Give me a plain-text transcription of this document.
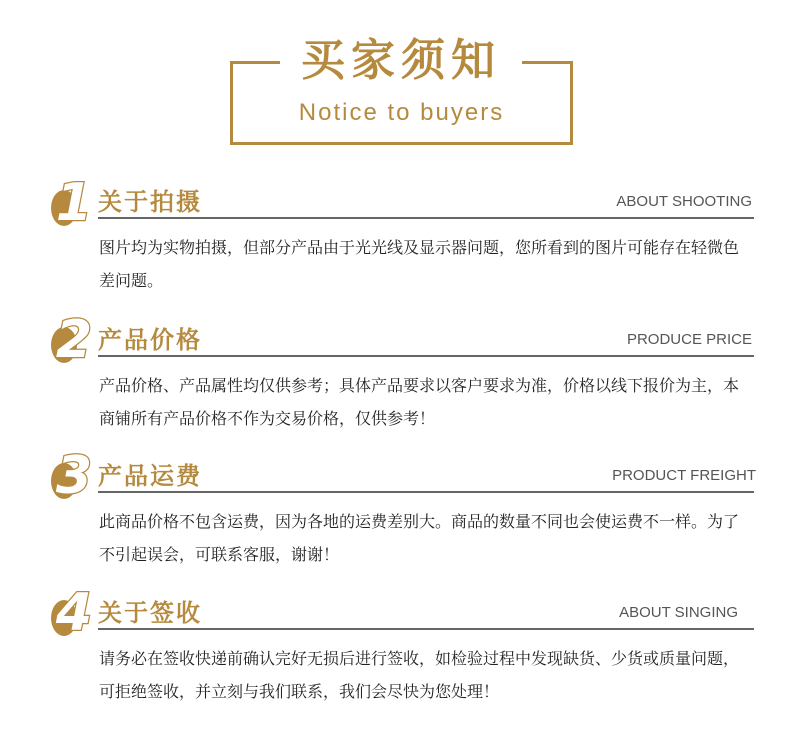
买家须知
Notice to buyers
1 关于拍摄	ABOUT SHOOTING
图片均为实物拍摄，但部分产品由于光光线及显示器问题，您所看到的图片可能存在轻微色差问题。
2 产品价格	PRODUCE PRICE
产品价格、产品属性均仅供参考；具体产品要求以客户要求为准，价格以线下报价为主，本商铺所有产品价格不作为交易价格，仅供参考！
3 产品运费	PRODUCT FREIGHT
此商品价格不包含运费，因为各地的运费差别大。商品的数量不同也会使运费不一样。为了不引起误会，可联系客服，谢谢！
4 关于签收	ABOUT SINGING
请务必在签收快递前确认完好无损后进行签收，如检验过程中发现缺货、少货或质量问题，可拒绝签收，并立刻与我们联系，我们会尽快为您处理！
